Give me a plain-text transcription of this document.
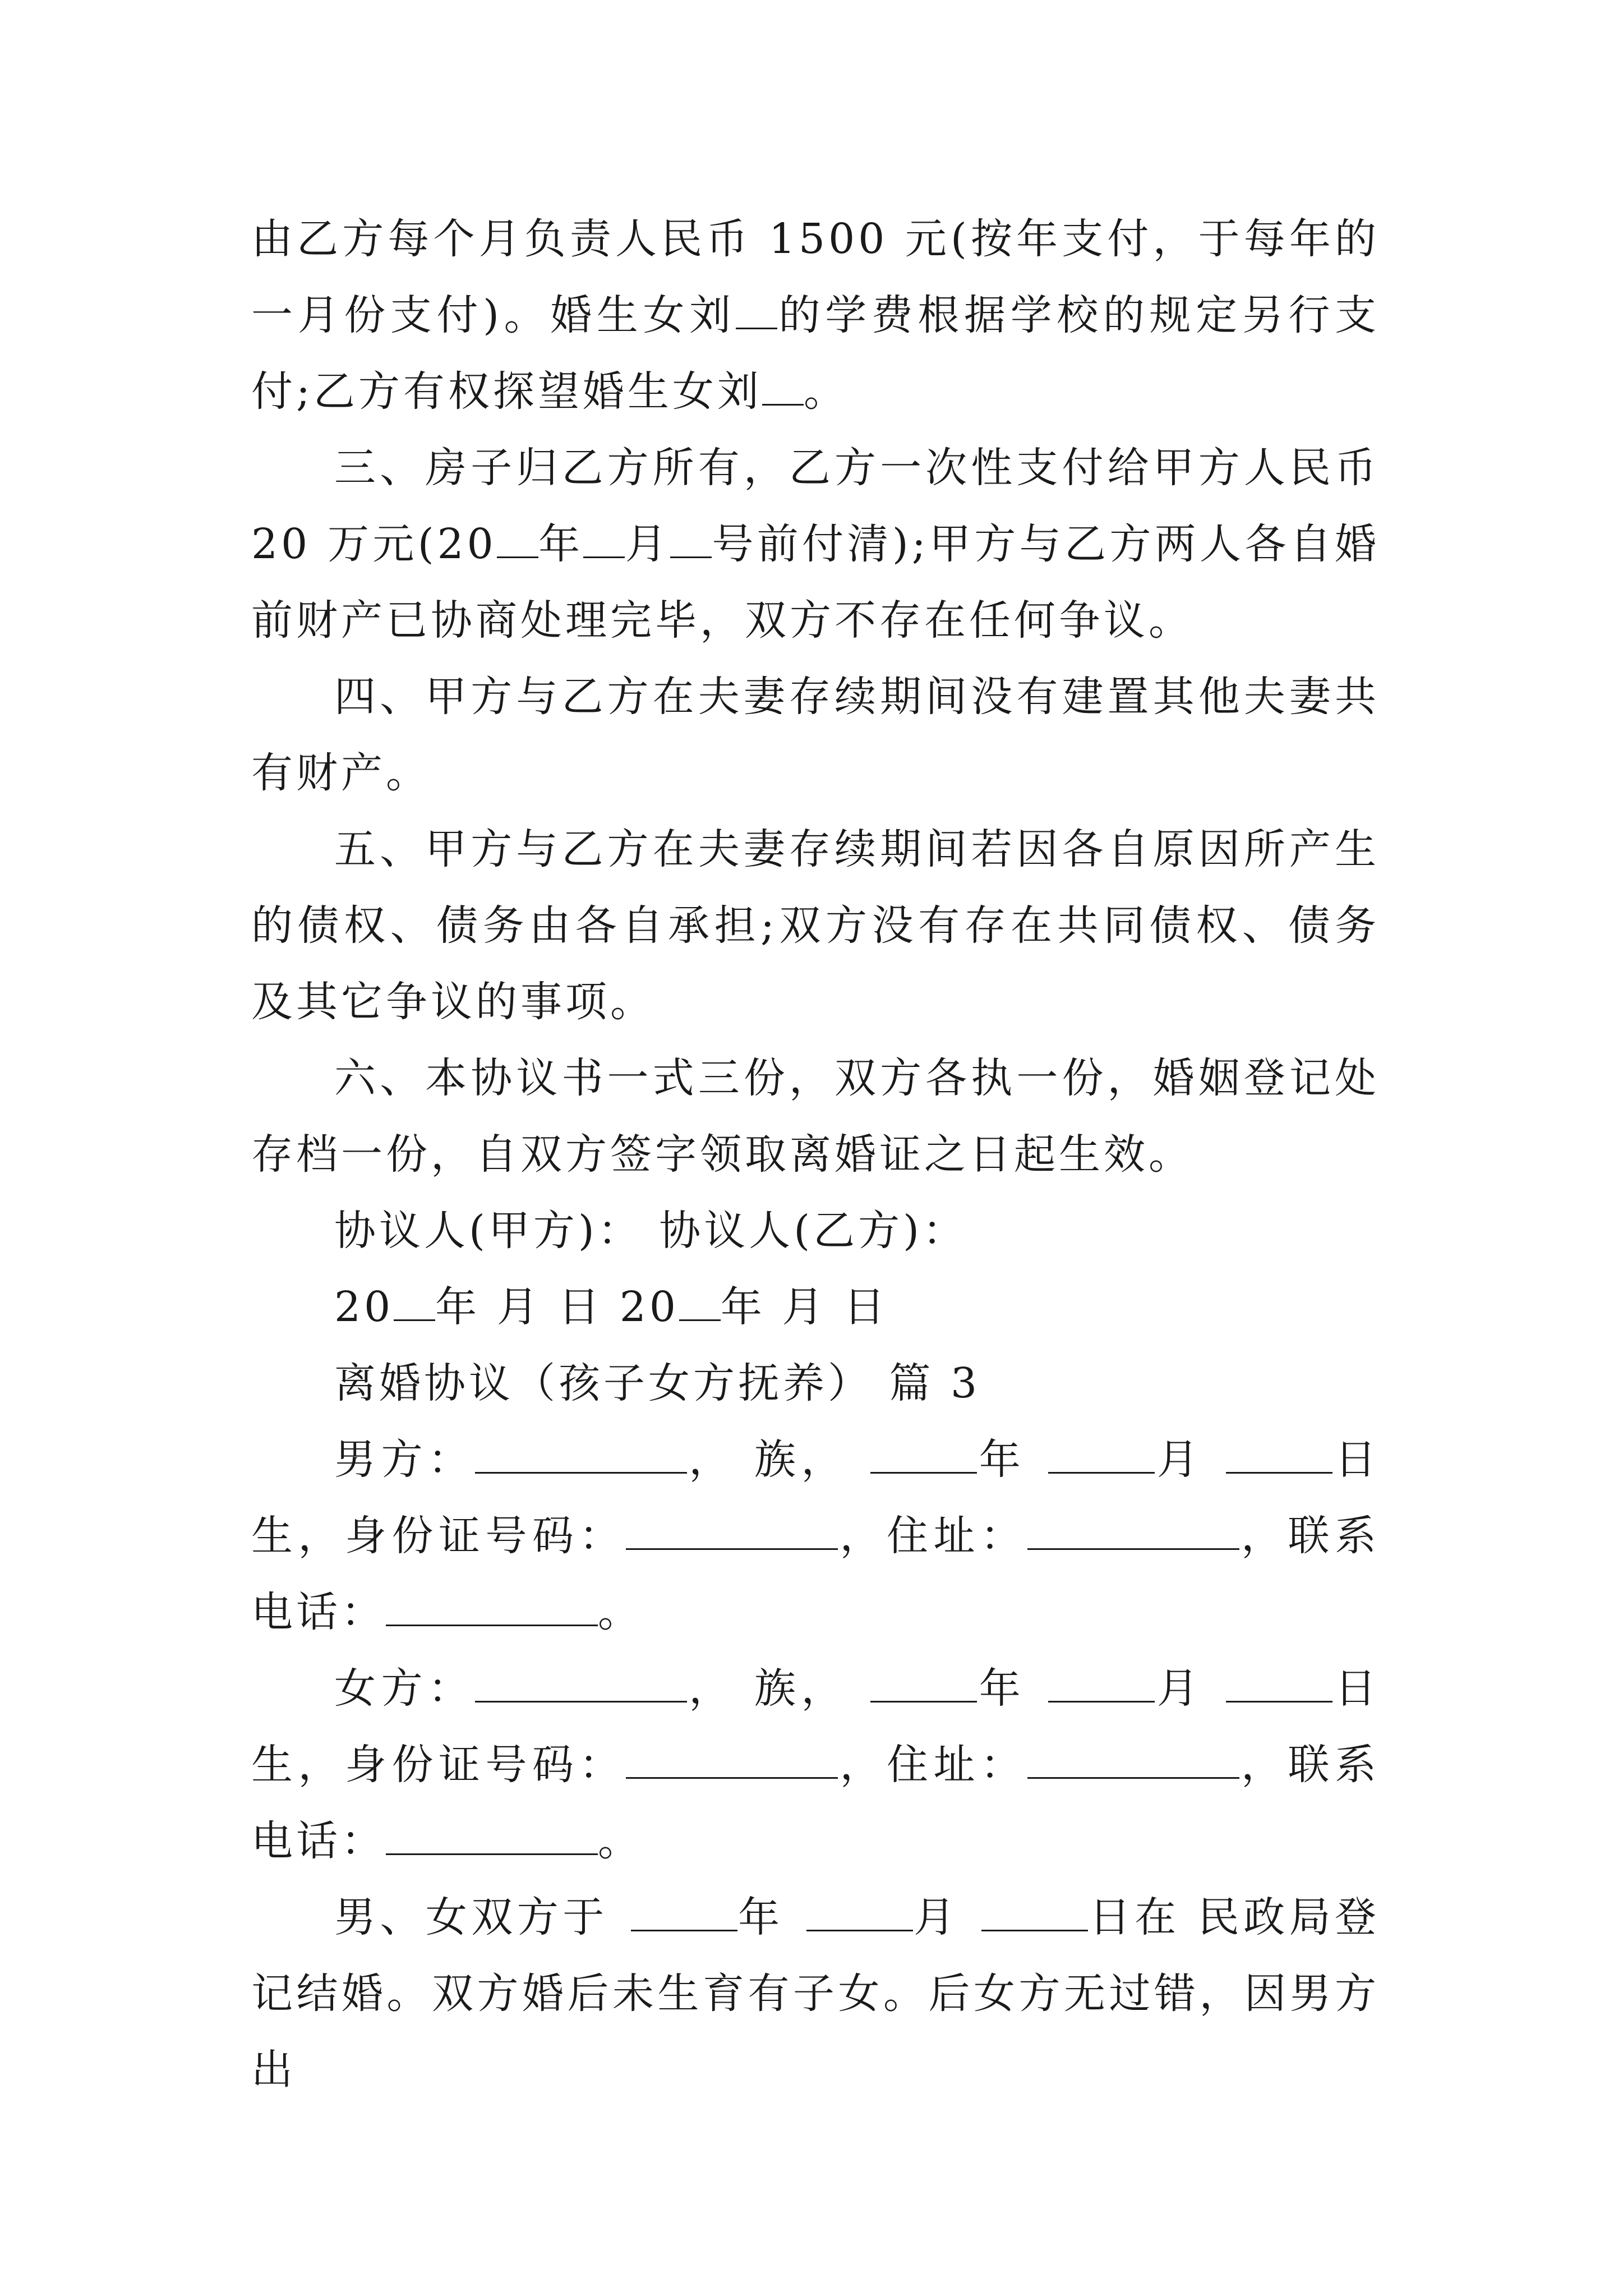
由乙方每个月负责人民币 1500 元(按年支付，于每年的一月份支付)。婚生女刘 的学费根据学校的规定另行支付;乙方有权探望婚生女刘 。

三、房子归乙方所有，乙方一次性支付给甲方人民币 20 万元(20 年 月 号前付清);甲方与乙方两人各自婚前财产已协商处理完毕，双方不存在任何争议。

四、甲方与乙方在夫妻存续期间没有建置其他夫妻共有财产。

五、甲方与乙方在夫妻存续期间若因各自原因所产生的债权、债务由各自承担;双方没有存在共同债权、债务及其它争议的事项。

六、本协议书一式三份，双方各执一份，婚姻登记处存档一份，自双方签字领取离婚证之日起生效。

协议人(甲方)： 协议人(乙方)：

20 年 月 日 20 年 月 日

离婚协议（孩子女方抚养） 篇 3

男方：	， 族，	年	月	日生，身份证号码：	，住址：	，联系电话：	。

女方：	， 族，	年	月	日生，身份证号码：	，住址：	，联系电话：	。

男、女双方于	年	月	日在 民政局登记结婚。双方婚后未生育有子女。后女方无过错，因男方出
